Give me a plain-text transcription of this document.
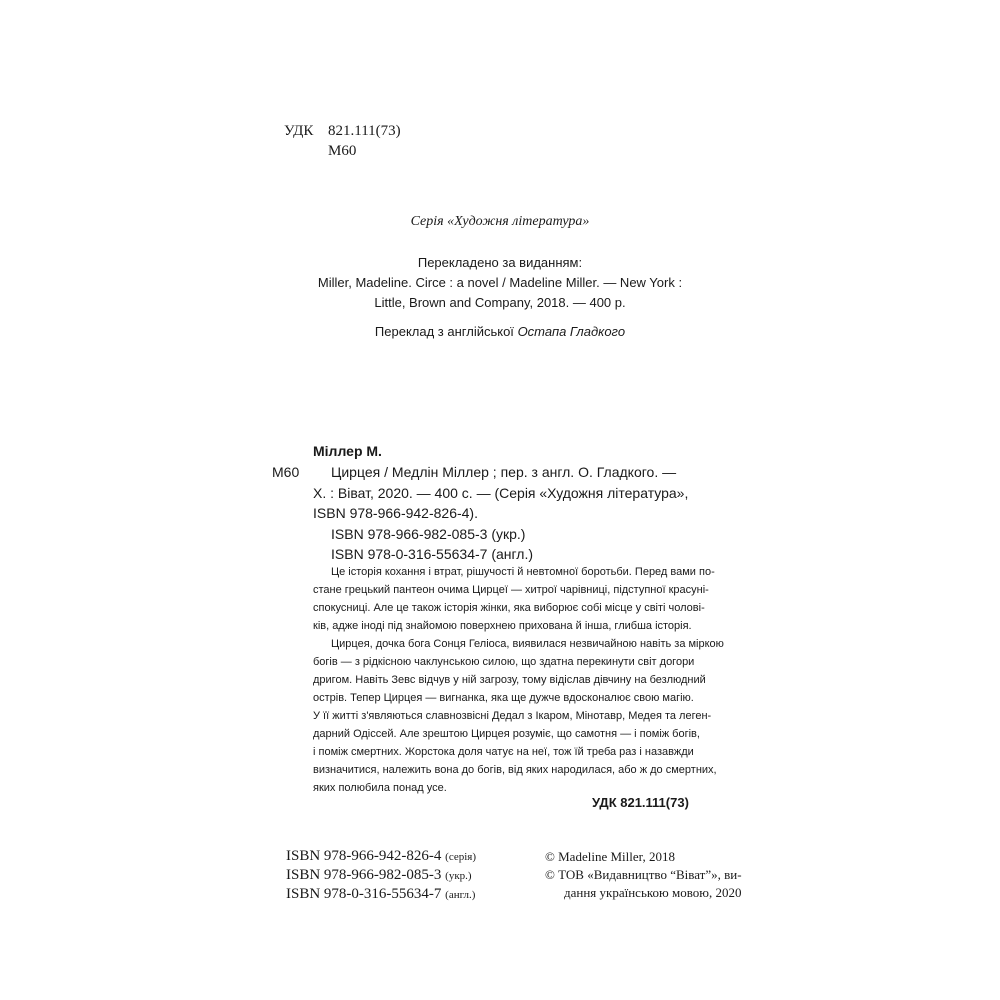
УДК 821.111(73)
М60
Серія «Художня література»
Перекладено за виданням:
Miller, Madeline. Circe : a novel / Madeline Miller. — New York :
Little, Brown and Company, 2018. — 400 p.
Переклад з англійської Остапа Гладкого
Міллер М.
М60 Цирцея / Медлін Міллер ; пер. з англ. О. Гладкого. —
Х. : Віват, 2020. — 400 с. — (Серія «Художня література»,
ISBN 978-966-942-826-4).
ISBN 978-966-982-085-3 (укр.)
ISBN 978-0-316-55634-7 (англ.)
Це історія кохання і втрат, рішучості й невтомної боротьби. Перед вами по-
стане грецький пантеон очима Цирцеї — хитрої чарівниці, підступної красуні-
спокусниці. Але це також історія жінки, яка виборює собі місце у світі чолові-
ків, адже іноді під знайомою поверхнею прихована й інша, глибша історія.
Цирцея, дочка бога Сонця Геліоса, виявилася незвичайною навіть за міркою
богів — з рідкісною чаклунською силою, що здатна перекинути світ догори
дригом. Навіть Зевс відчув у ній загрозу, тому відіслав дівчину на безлюдний
острів. Тепер Цирцея — вигнанка, яка ще дужче вдосконалює свою магію.
У її житті з'являються славнозвісні Дедал з Ікаром, Мінотавр, Медея та леген-
дарний Одіссей. Але зрештою Цирцея розуміє, що самотня — і поміж богів,
і поміж смертних. Жорстока доля чатує на неї, тож їй треба раз і назавжди
визначитися, належить вона до богів, від яких народилася, або ж до смертних,
яких полюбила понад усе.
УДК 821.111(73)
ISBN 978-966-942-826-4 (серія)
ISBN 978-966-982-085-3 (укр.)
ISBN 978-0-316-55634-7 (англ.)
© Madeline Miller, 2018
© ТОВ «Видавництво “Віват”», ви-
дання українською мовою, 2020
